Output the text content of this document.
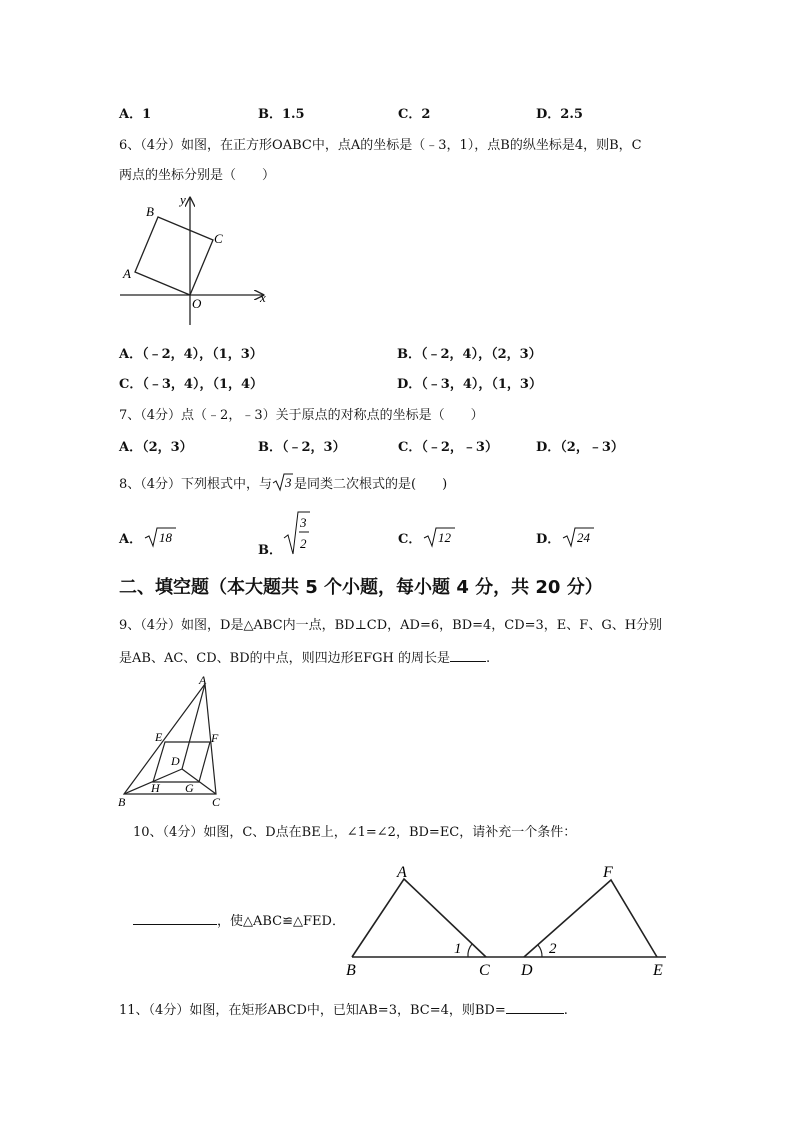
A．1	B．1.5	C．2	D．2.5
6、（4分）如图，在正方形OABC中，点A的坐标是（﹣3，1），点B的纵坐标是4，则B，C
两点的坐标分别是（　　）
B
y
C
A
O	x
A．（﹣2，4），（1，3）	B．（﹣2，4），（2，3）
C．（﹣3，4），（1，4）	D．（﹣3，4），（1，3）
7、（4分）点（﹣2，﹣3）关于原点的对称点的坐标是（　　）
A．（2，3）	B．（﹣2，3）	C．（﹣2，﹣3）	D．（2，﹣3）
8、（4分）下列根式中，与 3 是同类二次根式的是(　　)
A． 18
B．
3
2	C． 12	D． 24
二、填空题（本大题共 5 个小题，每小题 4 分，共 20 分）
9、（4分）如图，D是△ABC内一点，BD⊥CD，AD=6，BD=4，CD=3，E、F、G、H分别
是AB、AC、CD、BD的中点，则四边形EFGH 的周长是	.
A
E	F
D
H G
B	C
10、（4分）如图，C、D点在BE上，∠1=∠2，BD=EC，请补充一个条件：
，使△ABC≌△FED．
A	F
1	2
B	C D	E
11、（4分）如图，在矩形ABCD中，已知AB=3，BC=4，则BD=	.
